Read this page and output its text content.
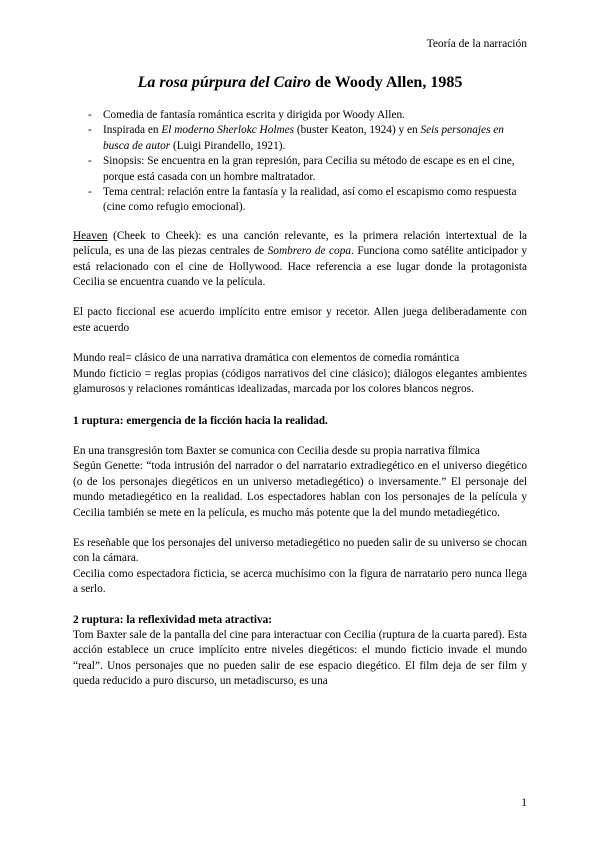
Teoría de la narración
La rosa púrpura del Cairo de Woody Allen, 1985
- Comedia de fantasía romántica escrita y dirigida por Woody Allen.
- Inspirada en El moderno Sherlokc Holmes (buster Keaton, 1924) y en Seis personajes en busca de autor (Luigi Pirandello, 1921).
- Sinopsis: Se encuentra en la gran represión, para Cecilia su método de escape es en el cine, porque está casada con un hombre maltratador.
- Tema central: relación entre la fantasía y la realidad, así como el escapismo como respuesta (cine como refugio emocional).

Heaven (Cheek to Cheek): es una canción relevante, es la primera relación intertextual de la película, es una de las piezas centrales de Sombrero de copa. Funciona como satélite anticipador y está relacionado con el cine de Hollywood. Hace referencia a ese lugar donde la protagonista Cecilia se encuentra cuando ve la película.

El pacto ficcional ese acuerdo implícito entre emisor y recetor. Allen juega deliberadamente con este acuerdo

Mundo real= clásico de una narrativa dramática con elementos de comedia romántica

Mundo ficticio = reglas propias (códigos narrativos del cine clásico); diálogos elegantes ambientes glamurosos y relaciones románticas idealizadas, marcada por los colores blancos negros.

1 ruptura: emergencia de la ficción hacia la realidad.

En una transgresión tom Baxter se comunica con Cecilia desde su propia narrativa fílmica

Según Genette: “toda intrusión del narrador o del narratario extradiegético en el universo diegético (o de los personajes diegéticos en un universo metadiegético) o inversamente.” El personaje del mundo metadiegético en la realidad. Los espectadores hablan con los personajes de la película y Cecilia también se mete en la película, es mucho más potente que la del mundo metadiegético.

Es reseñable que los personajes del universo metadiegético no pueden salir de su universo se chocan con la cámara.

Cecilia como espectadora ficticia, se acerca muchísimo con la figura de narratario pero nunca llega a serlo.

2 ruptura: la reflexividad meta atractiva:

Tom Baxter sale de la pantalla del cine para interactuar con Cecilia (ruptura de la cuarta pared). Esta acción establece un cruce implícito entre niveles diegéticos: el mundo ficticio invade el mundo “real”. Unos personajes que no pueden salir de ese espacio diegético. El film deja de ser film y queda reducido a puro discurso, un metadiscurso, es una

1
